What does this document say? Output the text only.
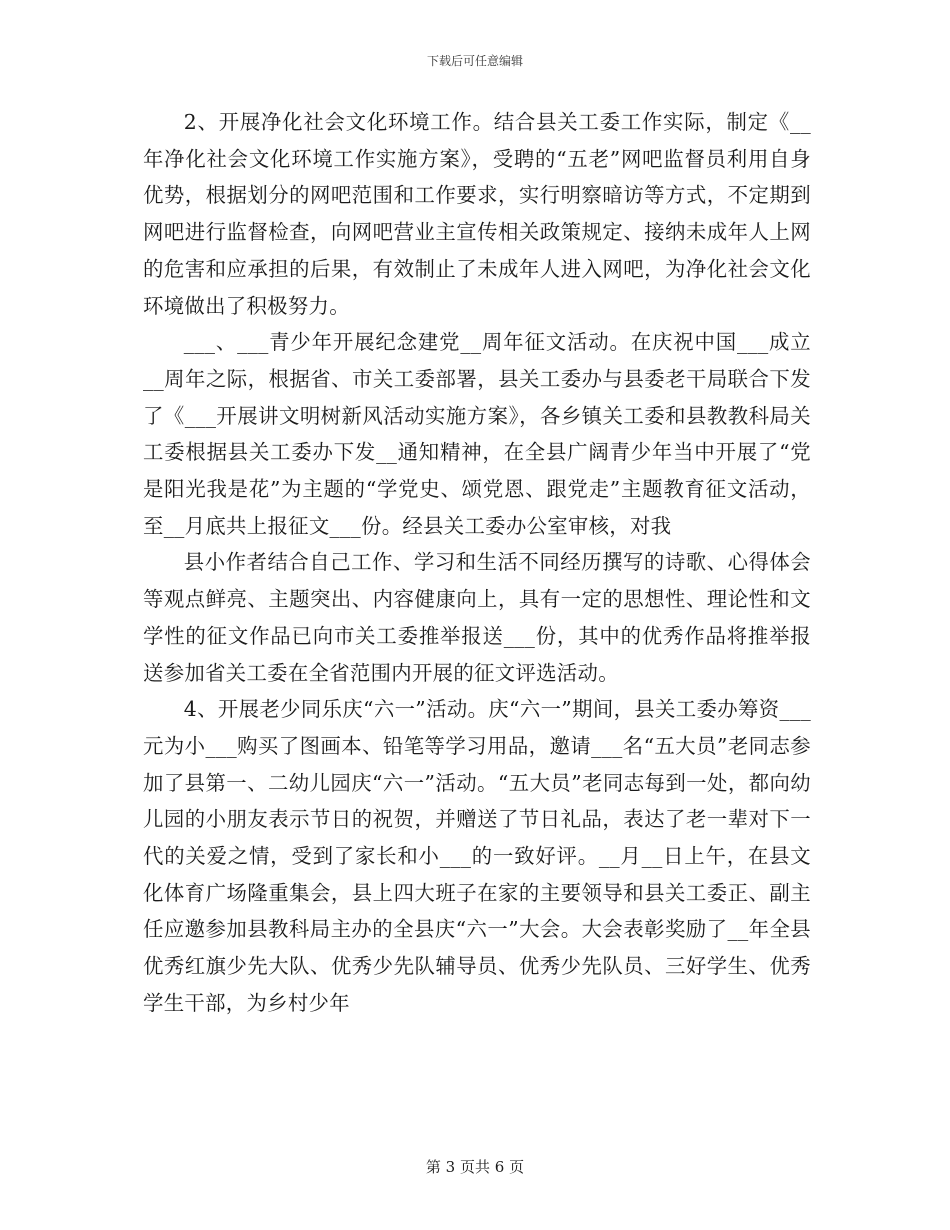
下载后可任意编辑

2、开展净化社会文化环境工作。结合县关工委工作实际，制定《__年净化社会文化环境工作实施方案》，受聘的“五老”网吧监督员利用自身优势，根据划分的网吧范围和工作要求，实行明察暗访等方式，不定期到网吧进行监督检查，向网吧营业主宣传相关政策规定、接纳未成年人上网的危害和应承担的后果，有效制止了未成年人进入网吧，为净化社会文化环境做出了积极努力。

___、___青少年开展纪念建党__周年征文活动。在庆祝中国___成立__周年之际，根据省、市关工委部署，县关工委办与县委老干局联合下发了《___开展讲文明树新风活动实施方案》，各乡镇关工委和县教教科局关工委根据县关工委办下发__通知精神，在全县广阔青少年当中开展了“党是阳光我是花”为主题的“学党史、颂党恩、跟党走”主题教育征文活动，至__月底共上报征文___份。经县关工委办公室审核，对我

县小作者结合自己工作、学习和生活不同经历撰写的诗歌、心得体会等观点鲜亮、主题突出、内容健康向上，具有一定的思想性、理论性和文学性的征文作品已向市关工委推举报送___份，其中的优秀作品将推举报送参加省关工委在全省范围内开展的征文评选活动。

4、开展老少同乐庆“六一”活动。庆“六一”期间，县关工委办筹资___元为小___购买了图画本、铅笔等学习用品，邀请___名“五大员”老同志参加了县第一、二幼儿园庆“六一”活动。“五大员”老同志每到一处，都向幼儿园的小朋友表示节日的祝贺，并赠送了节日礼品，表达了老一辈对下一代的关爱之情，受到了家长和小___的一致好评。__月__日上午，在县文化体育广场隆重集会，县上四大班子在家的主要领导和县关工委正、副主任应邀参加县教科局主办的全县庆“六一”大会。大会表彰奖励了__年全县优秀红旗少先大队、优秀少先队辅导员、优秀少先队员、三好学生、优秀学生干部，为乡村少年

第 3 页共 6 页
